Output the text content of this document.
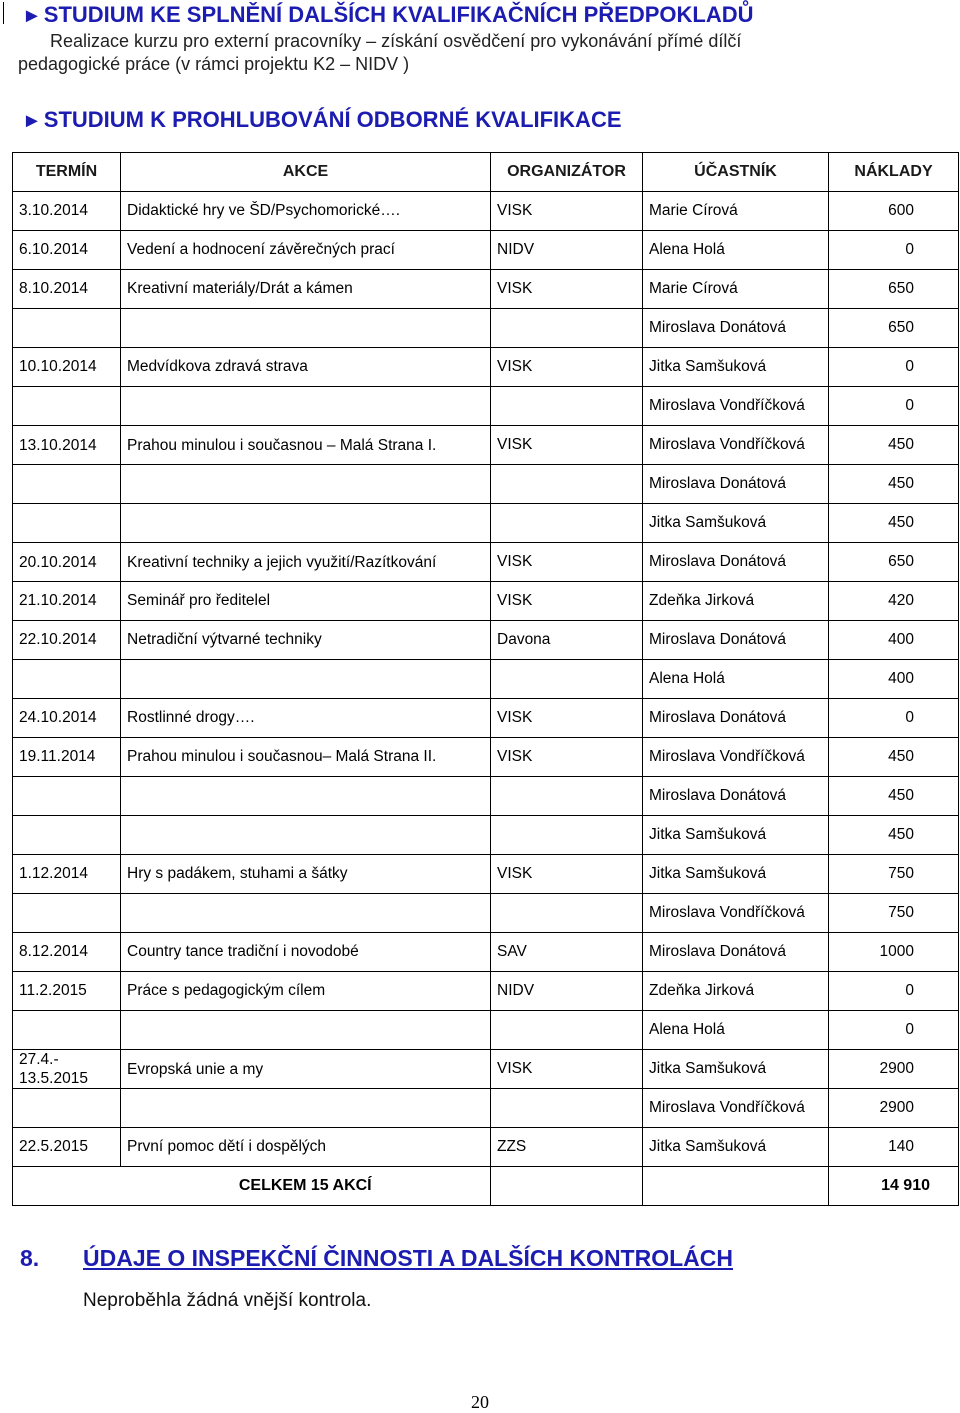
►STUDIUM KE SPLNĚNÍ DALŠÍCH KVALIFIKAČNÍCH PŘEDPOKLADŮ
Realizace kurzu pro externí pracovníky – získání osvědčení pro vykonávání přímé dílčí
pedagogické práce (v rámci projektu K2 – NIDV )
►STUDIUM K PROHLUBOVÁNÍ ODBORNÉ KVALIFIKACE
TERMÍN	AKCE	ORGANIZÁTOR	ÚČASTNÍK	NÁKLADY
3.10.2014	Didaktické hry ve ŠD/Psychomorické….	VISK	Marie Círová	600
6.10.2014	Vedení a hodnocení závěrečných prací	NIDV	Alena Holá	0
8.10.2014	Kreativní materiály/Drát a kámen	VISK	Marie Círová	650
			Miroslava Donátová	650
10.10.2014	Medvídkova zdravá strava	VISK	Jitka Samšuková	0
			Miroslava Vondříčková	0
13.10.2014	Prahou minulou i současnou – Malá Strana I.	VISK	Miroslava Vondříčková	450
			Miroslava Donátová	450
			Jitka Samšuková	450
20.10.2014	Kreativní techniky a jejich využití/Razítkování	VISK	Miroslava Donátová	650
21.10.2014	Seminář pro ředitelel	VISK	Zdeňka Jirková	420
22.10.2014	Netradiční výtvarné techniky	Davona	Miroslava Donátová	400
			Alena Holá	400
24.10.2014	Rostlinné drogy….	VISK	Miroslava Donátová	0
19.11.2014	Prahou minulou i současnou– Malá Strana II.	VISK	Miroslava Vondříčková	450
			Miroslava Donátová	450
			Jitka Samšuková	450
1.12.2014	Hry s padákem, stuhami a šátky	VISK	Jitka Samšuková	750
			Miroslava Vondříčková	750
8.12.2014	Country tance tradiční i novodobé	SAV	Miroslava Donátová	1000
11.2.2015	Práce s pedagogickým cílem	NIDV	Zdeňka Jirková	0
			Alena Holá	0
27.4.- 13.5.2015	Evropská unie a my	VISK	Jitka Samšuková	2900
			Miroslava Vondříčková	2900
22.5.2015	První pomoc dětí i dospělých	ZZS	Jitka Samšuková	140
	CELKEM 15 AKCÍ			14 910
8. ÚDAJE O INSPEKČNÍ ČINNOSTI A DALŠÍCH KONTROLÁCH
Neproběhla žádná vnější kontrola.
20
